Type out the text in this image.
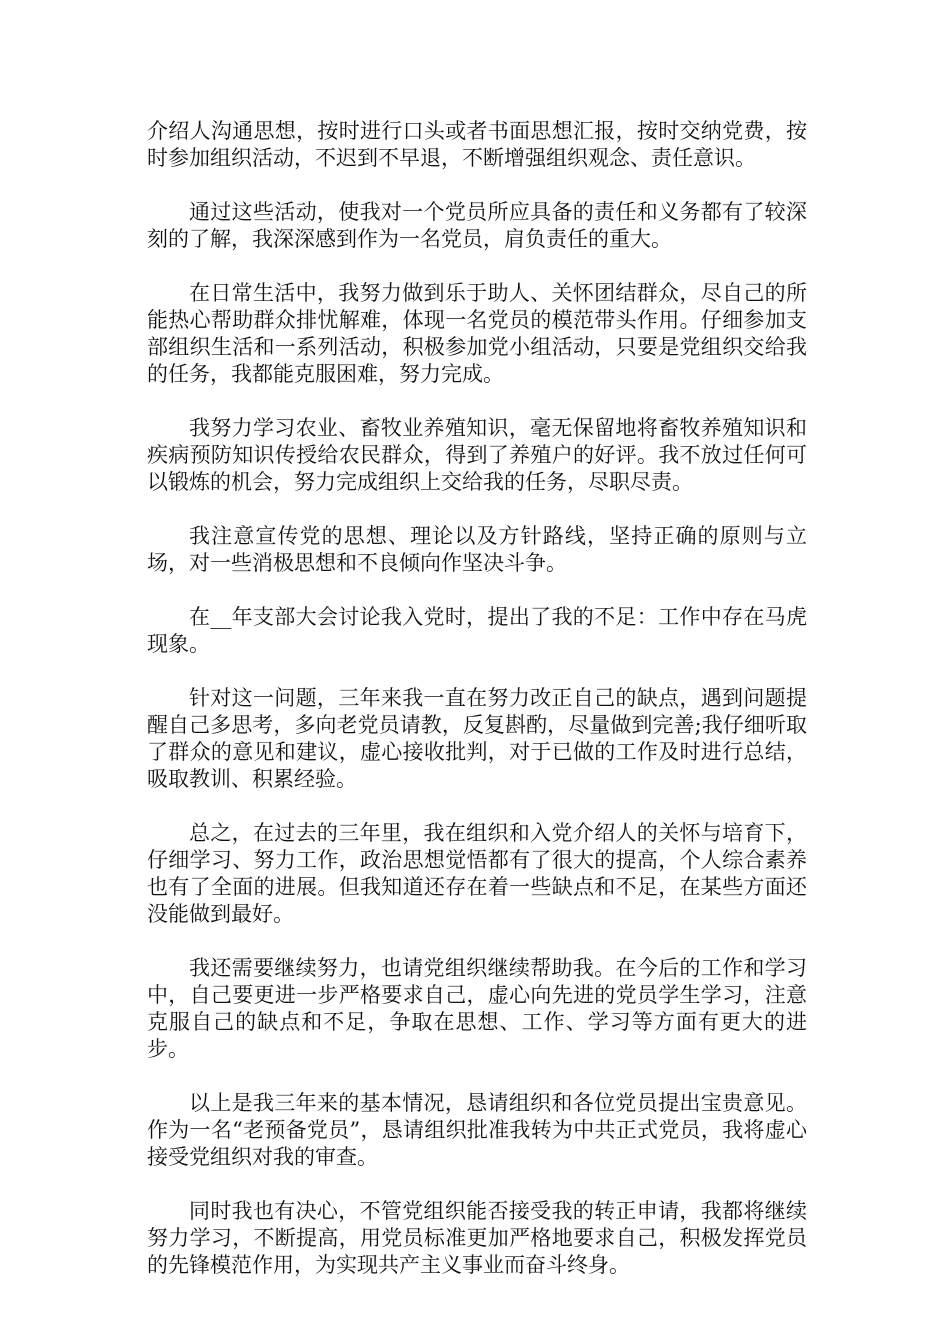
介绍人沟通思想，按时进行口头或者书面思想汇报，按时交纳党费，按时参加组织活动，不迟到不早退，不断增强组织观念、责任意识。

通过这些活动，使我对一个党员所应具备的责任和义务都有了较深刻的了解，我深深感到作为一名党员，肩负责任的重大。

在日常生活中，我努力做到乐于助人、关怀团结群众，尽自己的所能热心帮助群众排忧解难，体现一名党员的模范带头作用。仔细参加支部组织生活和一系列活动，积极参加党小组活动，只要是党组织交给我的任务，我都能克服困难，努力完成。

我努力学习农业、畜牧业养殖知识，毫无保留地将畜牧养殖知识和疾病预防知识传授给农民群众，得到了养殖户的好评。我不放过任何可以锻炼的机会，努力完成组织上交给我的任务，尽职尽责。

我注意宣传党的思想、理论以及方针路线，坚持正确的原则与立场，对一些消极思想和不良倾向作坚决斗争。

在__年支部大会讨论我入党时，提出了我的不足：工作中存在马虎现象。

针对这一问题，三年来我一直在努力改正自己的缺点，遇到问题提醒自己多思考，多向老党员请教，反复斟酌，尽量做到完善;我仔细听取了群众的意见和建议，虚心接收批判，对于已做的工作及时进行总结，吸取教训、积累经验。

总之，在过去的三年里，我在组织和入党介绍人的关怀与培育下，仔细学习、努力工作，政治思想觉悟都有了很大的提高，个人综合素养也有了全面的进展。但我知道还存在着一些缺点和不足，在某些方面还没能做到最好。

我还需要继续努力，也请党组织继续帮助我。在今后的工作和学习中，自己要更进一步严格要求自己，虚心向先进的党员学生学习，注意克服自己的缺点和不足，争取在思想、工作、学习等方面有更大的进步。

以上是我三年来的基本情况，恳请组织和各位党员提出宝贵意见。作为一名“老预备党员”，恳请组织批准我转为中共正式党员，我将虚心接受党组织对我的审查。

同时我也有决心，不管党组织能否接受我的转正申请，我都将继续努力学习，不断提高，用党员标准更加严格地要求自己，积极发挥党员的先锋模范作用，为实现共产主义事业而奋斗终身。
